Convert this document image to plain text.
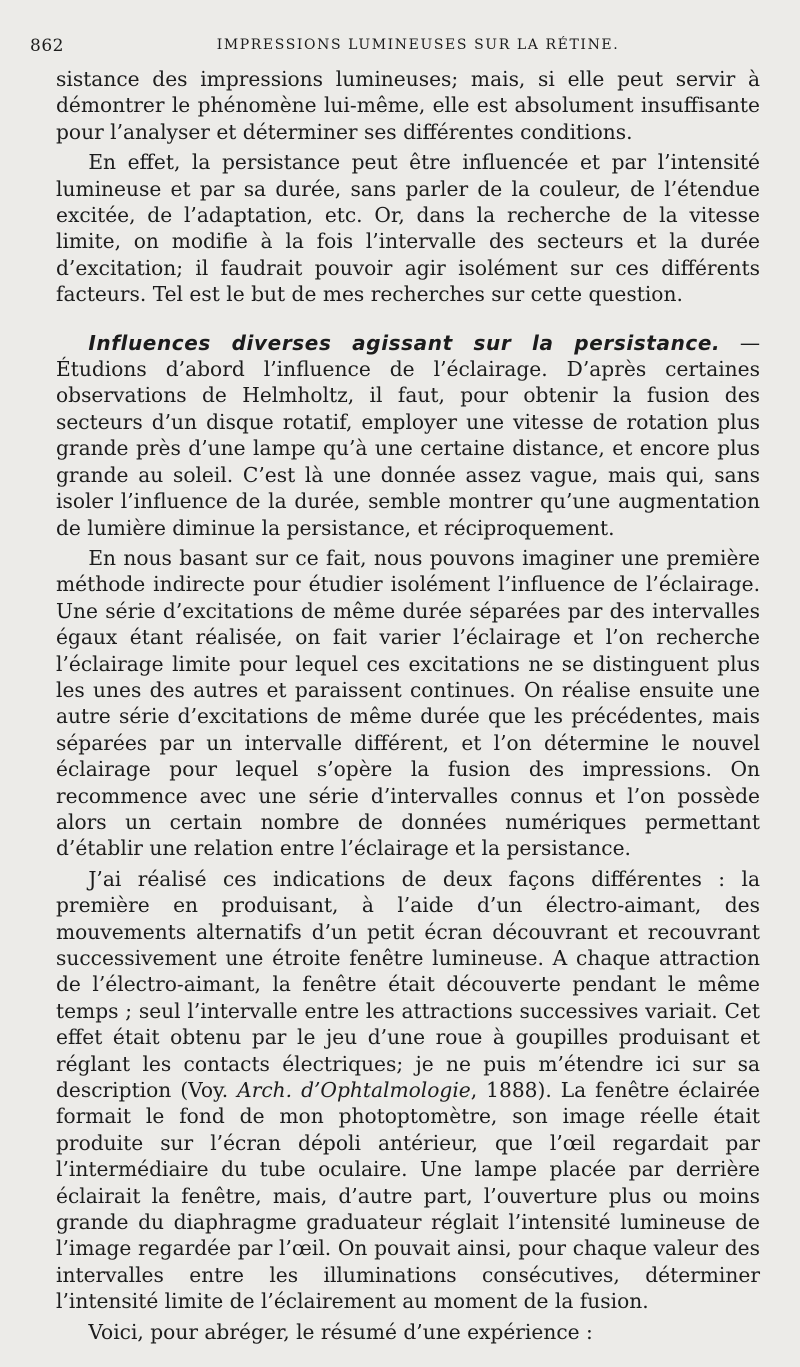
862	IMPRESSIONS LUMINEUSES SUR LA RÉTINE.

sistance des impressions lumineuses; mais, si elle peut servir à démontrer le phénomène lui-même, elle est absolument insuffisante pour l’analyser et déterminer ses différentes conditions.

En effet, la persistance peut être influencée et par l’intensité lumineuse et par sa durée, sans parler de la couleur, de l’étendue excitée, de l’adaptation, etc. Or, dans la recherche de la vitesse limite, on modifie à la fois l’intervalle des secteurs et la durée d’excitation; il faudrait pouvoir agir isolément sur ces différents facteurs. Tel est le but de mes recherches sur cette question.

Influences diverses agissant sur la persistance. — Étudions d’abord l’influence de l’éclairage. D’après certaines observations de Helmholtz, il faut, pour obtenir la fusion des secteurs d’un disque rotatif, employer une vitesse de rotation plus grande près d’une lampe qu’à une certaine distance, et encore plus grande au soleil. C’est là une donnée assez vague, mais qui, sans isoler l’influence de la durée, semble montrer qu’une augmentation de lumière diminue la persistance, et réciproquement.

En nous basant sur ce fait, nous pouvons imaginer une première méthode indirecte pour étudier isolément l’influence de l’éclairage. Une série d’excitations de même durée séparées par des intervalles égaux étant réalisée, on fait varier l’éclairage et l’on recherche l’éclairage limite pour lequel ces excitations ne se distinguent plus les unes des autres et paraissent continues. On réalise ensuite une autre série d’excitations de même durée que les précédentes, mais séparées par un intervalle différent, et l’on détermine le nouvel éclairage pour lequel s’opère la fusion des impressions. On recommence avec une série d’intervalles connus et l’on possède alors un certain nombre de données numériques permettant d’établir une relation entre l’éclairage et la persistance.

J’ai réalisé ces indications de deux façons différentes : la première en produisant, à l’aide d’un électro-aimant, des mouvements alternatifs d’un petit écran découvrant et recouvrant successivement une étroite fenêtre lumineuse. A chaque attraction de l’électro-aimant, la fenêtre était découverte pendant le même temps ; seul l’intervalle entre les attractions successives variait. Cet effet était obtenu par le jeu d’une roue à goupilles produisant et réglant les contacts électriques; je ne puis m’étendre ici sur sa description (Voy. Arch. d’Ophtalmologie, 1888). La fenêtre éclairée formait le fond de mon photoptomètre, son image réelle était produite sur l’écran dépoli antérieur, que l’œil regardait par l’intermédiaire du tube oculaire. Une lampe placée par derrière éclairait la fenêtre, mais, d’autre part, l’ouverture plus ou moins grande du diaphragme graduateur réglait l’intensité lumineuse de l’image regardée par l’œil. On pouvait ainsi, pour chaque valeur des intervalles entre les illuminations consécutives, déterminer l’intensité limite de l’éclairement au moment de la fusion.

Voici, pour abréger, le résumé d’une expérience :
